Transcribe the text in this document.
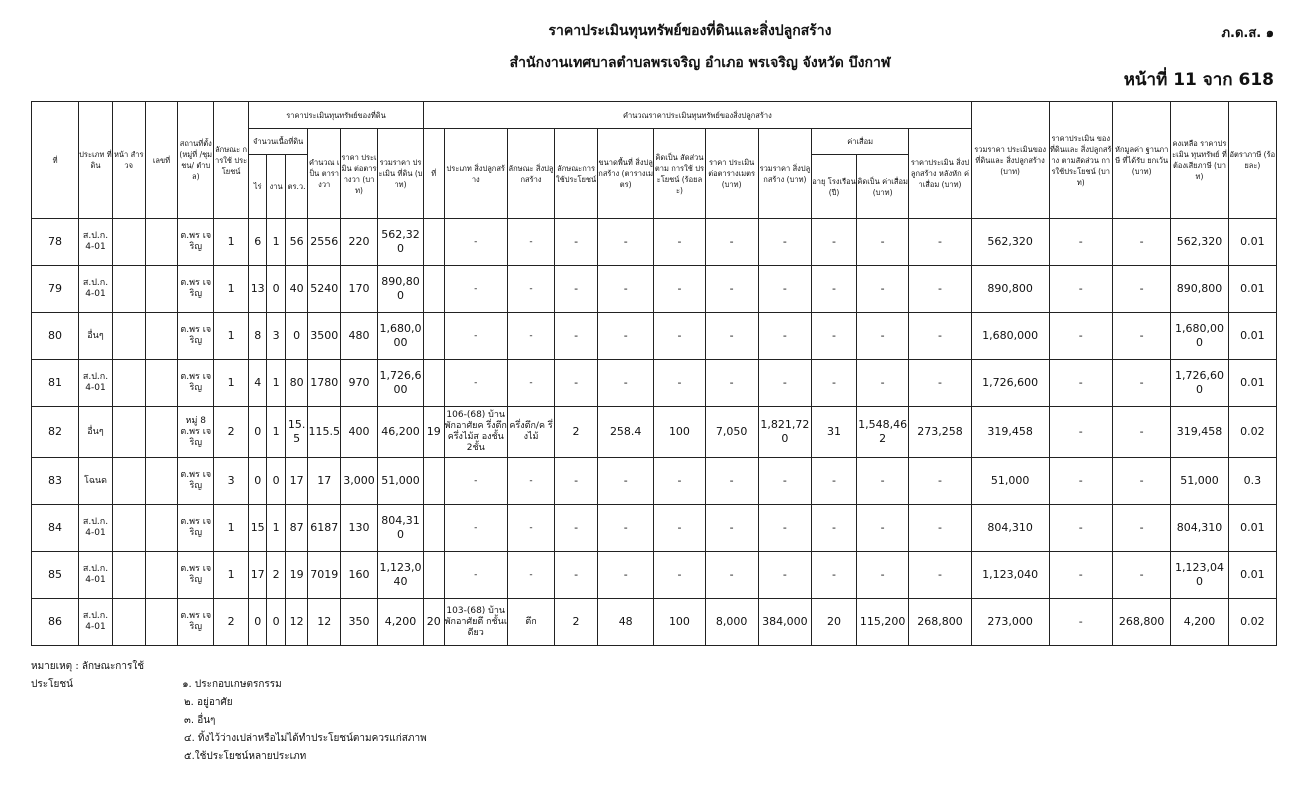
ราคาประเมินทุนทรัพย์ของที่ดินและสิ่งปลูกสร้าง
สำนักงานเทศบาลตำบลพรเจริญ อำเภอ พรเจริญ จังหวัด บึงกาฬ
ภ.ด.ส. ๑
หน้าที่ 11 จาก 618
ที่	ประเภท ที่ดิน	หน้า สำรวจ	เลขที่	สถานที่ตั้ง(หมู่ที่ /ชุมชน/ ตำบล)	ลักษณะ การใช้ ประโยชน์	ราคาประเมินทุนทรัพย์ของที่ดิน						คำนวณราคาประเมินทุนทรัพย์ของสิ่งปลูกสร้าง											รวมราคา ประเมินของ ที่ดินและ สิ่งปลูกสร้าง (บาท)	ราคาประเมิน ของที่ดินและ สิ่งปลูกสร้าง ตามสัดส่วน การใช้ประโยชน์ (บาท)	หักมูลค่า ฐานภาษี ที่ได้รับ ยกเว้น (บาท)	คงเหลือ ราคาประเมิน ทุนทรัพย์ ที่ต้องเสียภาษี (บาท)	อัตราภาษี (ร้อยละ)
						จำนวนเนื้อที่ดิน			คำนวณ เป็น ตารางวา	ราคา ประเมิน ต่อตารางวา (บาท)	รวมราคา ประเมิน ที่ดิน (บาท)	ที่	ประเภท สิ่งปลูกสร้าง	ลักษณะ สิ่งปลูกสร้าง	ลักษณะการ ใช้ประโยชน์	ขนาดพื้นที่ สิ่งปลูกสร้าง (ตารางเมตร)	คิดเป็น สัดส่วนตาม การใช้ ประโยชน์ (ร้อยละ)	ราคา ประเมิน ต่อตารางเมตร (บาท)	รวมราคา สิ่งปลูกสร้าง (บาท)	ค่าเสื่อม		ราคาประเมิน สิ่งปลูกสร้าง หลังหัก ค่าเสื่อม (บาท)					
						ไร่	งาน	ตร.ว.												อายุ โรงเรือน (ปี)	คิดเป็น ค่าเสื่อม (บาท)						
78	ส.ป.ก. 4-01			ต.พร เจริญ	1	6	1	56	2556	220	562,320		-	-	-	-	-	-	-	-	-	-	562,320	-	-	562,320	0.01
79	ส.ป.ก. 4-01			ต.พร เจริญ	1	13	0	40	5240	170	890,800		-	-	-	-	-	-	-	-	-	-	890,800	-	-	890,800	0.01
80	อื่นๆ			ต.พร เจริญ	1	8	3	0	3500	480	1,680,0 00		-	-	-	-	-	-	-	-	-	-	1,680,000	-	-	1,680,00 0	0.01
81	ส.ป.ก. 4-01			ต.พร เจริญ	1	4	1	80	1780	970	1,726,6 00		-	-	-	-	-	-	-	-	-	-	1,726,600	-	-	1,726,60 0	0.01
82	อื่นๆ			หมู่ 8 ต.พร เจริญ	2	0	1	15.5	115.5	400	46,200	19	106-(68) บ้านพักอาศัยค รึ่งตึกครึ่งไม้ส องชั้น 2ชั้น	ครึ่งตึก/ค รึ่งไม้	2	258.4	100	7,050	1,821,72 0	31	1,548,46 2	273,258	319,458	-	-	319,458	0.02
83	โฉนด			ต.พร เจริญ	3	0	0	17	17	3,000	51,000		-	-	-	-	-	-	-	-	-	-	51,000	-	-	51,000	0.3
84	ส.ป.ก. 4-01			ต.พร เจริญ	1	15	1	87	6187	130	804,310		-	-	-	-	-	-	-	-	-	-	804,310	-	-	804,310	0.01
85	ส.ป.ก. 4-01			ต.พร เจริญ	1	17	2	19	7019	160	1,123,0 40		-	-	-	-	-	-	-	-	-	-	1,123,040	-	-	1,123,04 0	0.01
86	ส.ป.ก. 4-01			ต.พร เจริญ	2	0	0	12	12	350	4,200	20	103-(68) บ้านพักอาศัยตึ กชั้นเดียว	ตึก	2	48	100	8,000	384,000	20	115,200	268,800	273,000	-	268,800	4,200	0.02
หมายเหตุ : ลักษณะการใช้ประโยชน์	๑. ประกอบเกษตรกรรม
๒. อยู่อาศัย
๓. อื่นๆ
๔. ทิ้งไว้ว่างเปล่าหรือไม่ได้ทำประโยชน์ตามควรแก่สภาพ
๕.ใช้ประโยชน์หลายประเภท
